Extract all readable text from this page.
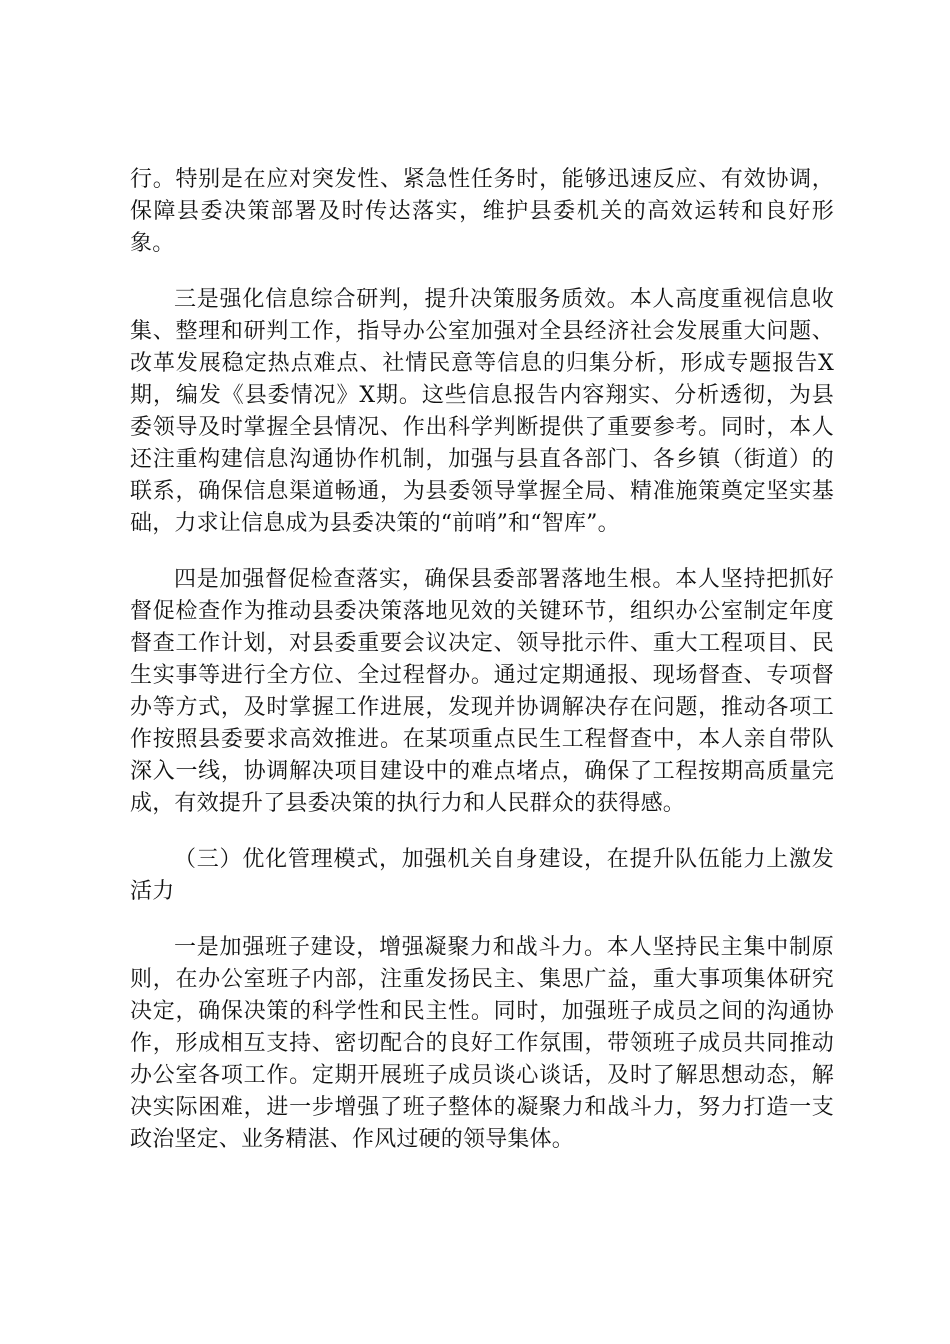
行。特别是在应对突发性、紧急性任务时，能够迅速反应、有效协调，保障县委决策部署及时传达落实，维护县委机关的高效运转和良好形象。

三是强化信息综合研判，提升决策服务质效。本人高度重视信息收集、整理和研判工作，指导办公室加强对全县经济社会发展重大问题、改革发展稳定热点难点、社情民意等信息的归集分析，形成专题报告X期，编发《县委情况》X期。这些信息报告内容翔实、分析透彻，为县委领导及时掌握全县情况、作出科学判断提供了重要参考。同时，本人还注重构建信息沟通协作机制，加强与县直各部门、各乡镇（街道）的联系，确保信息渠道畅通，为县委领导掌握全局、精准施策奠定坚实基础，力求让信息成为县委决策的“前哨”和“智库”。

四是加强督促检查落实，确保县委部署落地生根。本人坚持把抓好督促检查作为推动县委决策落地见效的关键环节，组织办公室制定年度督查工作计划，对县委重要会议决定、领导批示件、重大工程项目、民生实事等进行全方位、全过程督办。通过定期通报、现场督查、专项督办等方式，及时掌握工作进展，发现并协调解决存在问题，推动各项工作按照县委要求高效推进。在某项重点民生工程督查中，本人亲自带队深入一线，协调解决项目建设中的难点堵点，确保了工程按期高质量完成，有效提升了县委决策的执行力和人民群众的获得感。

（三）优化管理模式，加强机关自身建设，在提升队伍能力上激发活力

一是加强班子建设，增强凝聚力和战斗力。本人坚持民主集中制原则，在办公室班子内部，注重发扬民主、集思广益，重大事项集体研究决定，确保决策的科学性和民主性。同时，加强班子成员之间的沟通协作，形成相互支持、密切配合的良好工作氛围，带领班子成员共同推动办公室各项工作。定期开展班子成员谈心谈话，及时了解思想动态，解决实际困难，进一步增强了班子整体的凝聚力和战斗力，努力打造一支政治坚定、业务精湛、作风过硬的领导集体。
